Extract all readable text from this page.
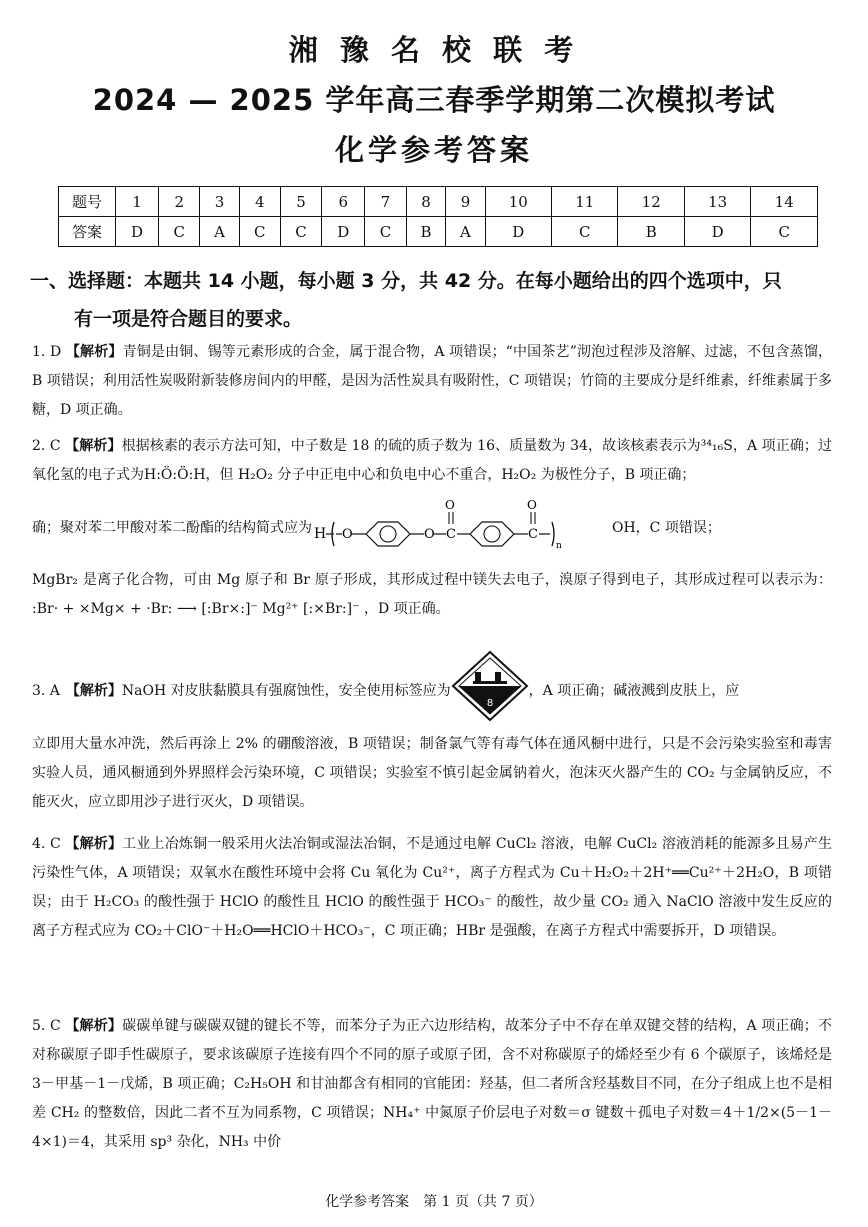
湘 豫 名 校 联 考
2024 — 2025 学年高三春季学期第二次模拟考试
化学参考答案
题号	1	2	3	4	5	6	7	8	9	10	11	12	13	14
答案	D	C	A	C	C	D	C	B	A	D	C	B	D	C
一、选择题：本题共 14 小题，每小题 3 分，共 42 分。在每小题给出的四个选项中，只
有一项是符合题目的要求。
1. D 【解析】青铜是由铜、锡等元素形成的合金，属于混合物，A 项错误；“中国茶艺”沏泡过程涉及溶解、过滤，不包含蒸馏，B 项错误；利用活性炭吸附新装修房间内的甲醛，是因为活性炭具有吸附性，C 项错误；竹筒的主要成分是纤维素，纤维素属于多糖，D 项正确。
2. C 【解析】根据核素的表示方法可知，中子数是 18 的硫的质子数为 16、质量数为 34，故该核素表示为³⁴₁₆S，A 项正确；过氧化氢的电子式为H:Ö:Ö:H，但 H₂O₂ 分子中正电中心和负电中心不重合，H₂O₂ 为极性分子，B 项正确；
确；聚对苯二甲酸对苯二酚酯的结构简式应为 H O	O C
O
C
O
n
OH，C 项错误；
MgBr₂ 是离子化合物，可由 Mg 原子和 Br 原子形成，其形成过程中镁失去电子，溴原子得到电子，其形成过程可以表示为： :Br· + ×Mg× + ·Br: ⟶ [:Br×:]⁻ Mg²⁺ [:×Br:]⁻ ，D 项正确。
3. A 【解析】 NaOH 对皮肤黏膜具有强腐蚀性，安全使用标签应为
8
，A 项正确；碱液溅到皮肤上，应
立即用大量水冲洗，然后再涂上 2% 的硼酸溶液，B 项错误；制备氯气等有毒气体在通风橱中进行，只是不会污染实验室和毒害实验人员，通风橱通到外界照样会污染环境，C 项错误；实验室不慎引起金属钠着火，泡沫灭火器产生的 CO₂ 与金属钠反应，不能灭火，应立即用沙子进行灭火，D 项错误。
4. C 【解析】工业上冶炼铜一般采用火法冶铜或湿法冶铜，不是通过电解 CuCl₂ 溶液，电解 CuCl₂ 溶液消耗的能源多且易产生污染性气体，A 项错误；双氧水在酸性环境中会将 Cu 氧化为 Cu²⁺，离子方程式为 Cu＋H₂O₂＋2H⁺══Cu²⁺＋2H₂O，B 项错误；由于 H₂CO₃ 的酸性强于 HClO 的酸性且 HClO 的酸性强于 HCO₃⁻ 的酸性，故少量 CO₂ 通入 NaClO 溶液中发生反应的离子方程式应为 CO₂＋ClO⁻＋H₂O══HClO＋HCO₃⁻，C 项正确；HBr 是强酸，在离子方程式中需要拆开，D 项错误。
5. C 【解析】碳碳单键与碳碳双键的键长不等，而苯分子为正六边形结构，故苯分子中不存在单双键交替的结构，A 项正确；不对称碳原子即手性碳原子，要求该碳原子连接有四个不同的原子或原子团，含不对称碳原子的烯烃至少有 6 个碳原子，该烯烃是 3－甲基－1－戊烯，B 项正确；C₂H₅OH 和甘油都含有相同的官能团：羟基，但二者所含羟基数目不同，在分子组成上也不是相差 CH₂ 的整数倍，因此二者不互为同系物，C 项错误；NH₄⁺ 中氮原子价层电子对数＝σ 键数＋孤电子对数＝4＋1/2×(5－1－4×1)＝4，其采用 sp³ 杂化，NH₃ 中价
化学参考答案　第 1 页（共 7 页）
